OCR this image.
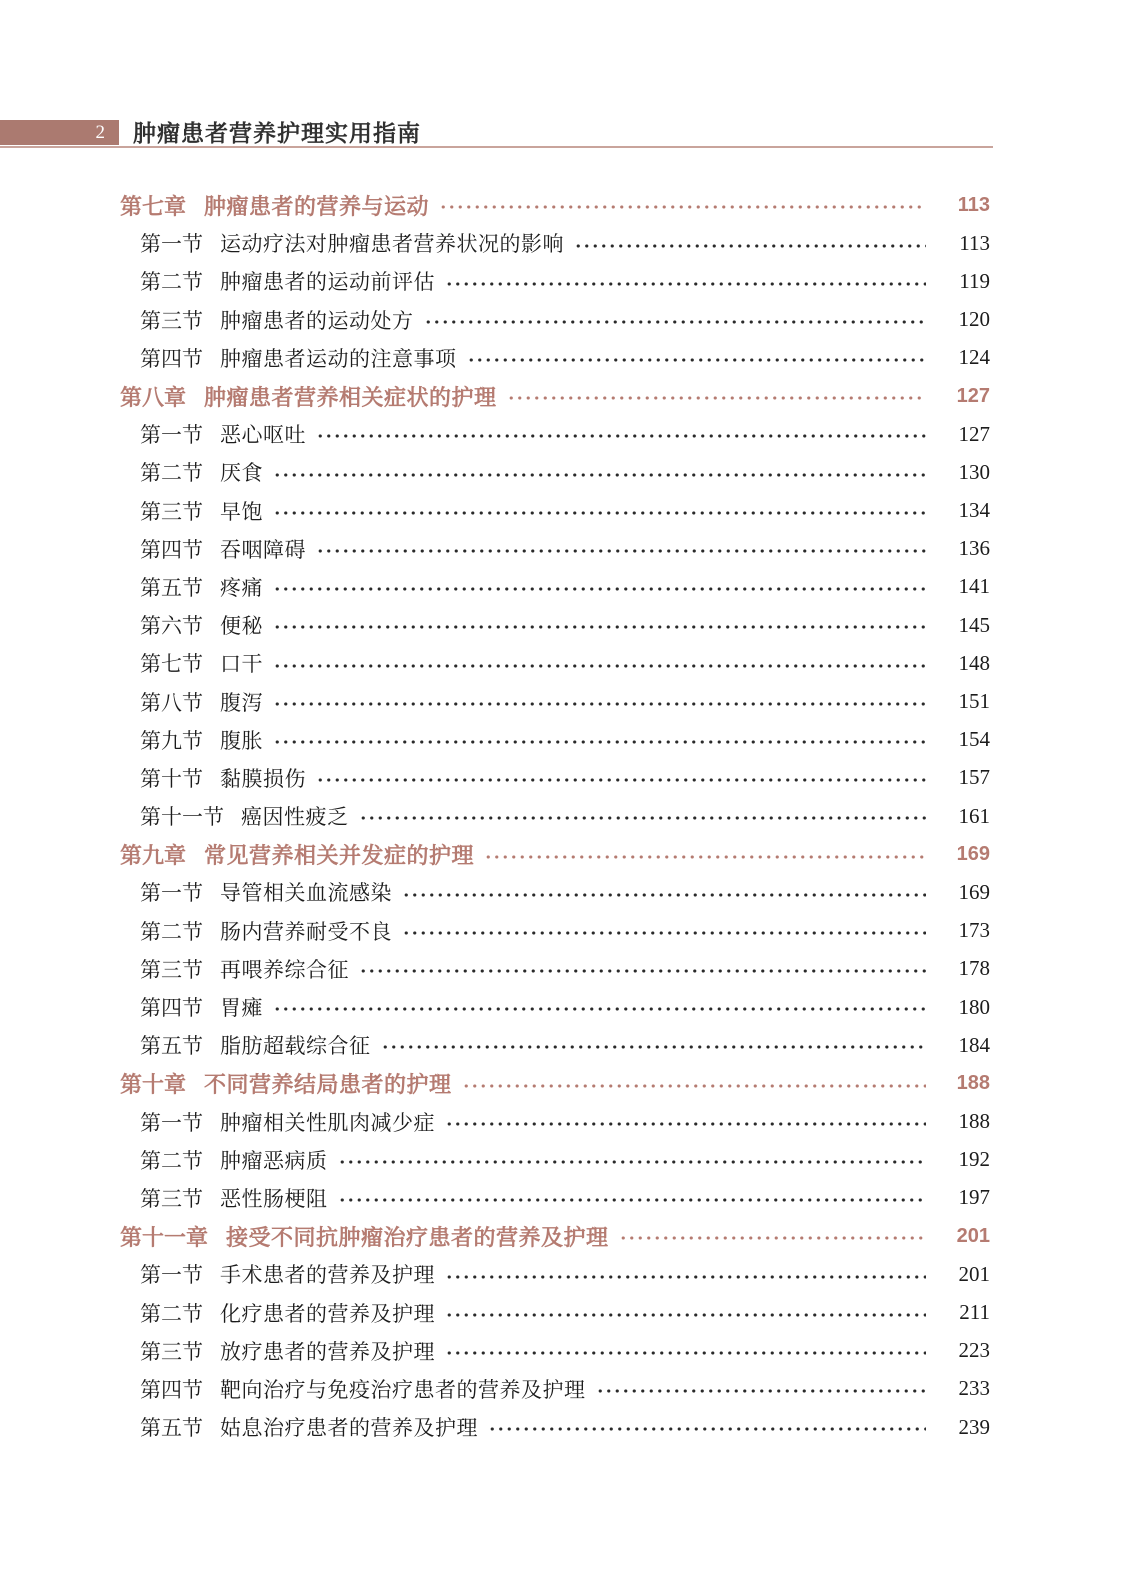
2	肿瘤患者营养护理实用指南
第七章 肿瘤患者的营养与运动	113
第一节 运动疗法对肿瘤患者营养状况的影响	113
第二节 肿瘤患者的运动前评估	119
第三节 肿瘤患者的运动处方	120
第四节 肿瘤患者运动的注意事项	124
第八章 肿瘤患者营养相关症状的护理	127
第一节 恶心呕吐	127
第二节 厌食	130
第三节 早饱	134
第四节 吞咽障碍	136
第五节 疼痛	141
第六节 便秘	145
第七节 口干	148
第八节 腹泻	151
第九节 腹胀	154
第十节 黏膜损伤	157
第十一节 癌因性疲乏	161
第九章 常见营养相关并发症的护理	169
第一节 导管相关血流感染	169
第二节 肠内营养耐受不良	173
第三节 再喂养综合征	178
第四节 胃瘫	180
第五节 脂肪超载综合征	184
第十章 不同营养结局患者的护理	188
第一节 肿瘤相关性肌肉减少症	188
第二节 肿瘤恶病质	192
第三节 恶性肠梗阻	197
第十一章 接受不同抗肿瘤治疗患者的营养及护理	201
第一节 手术患者的营养及护理	201
第二节 化疗患者的营养及护理	211
第三节 放疗患者的营养及护理	223
第四节 靶向治疗与免疫治疗患者的营养及护理	233
第五节 姑息治疗患者的营养及护理	239
